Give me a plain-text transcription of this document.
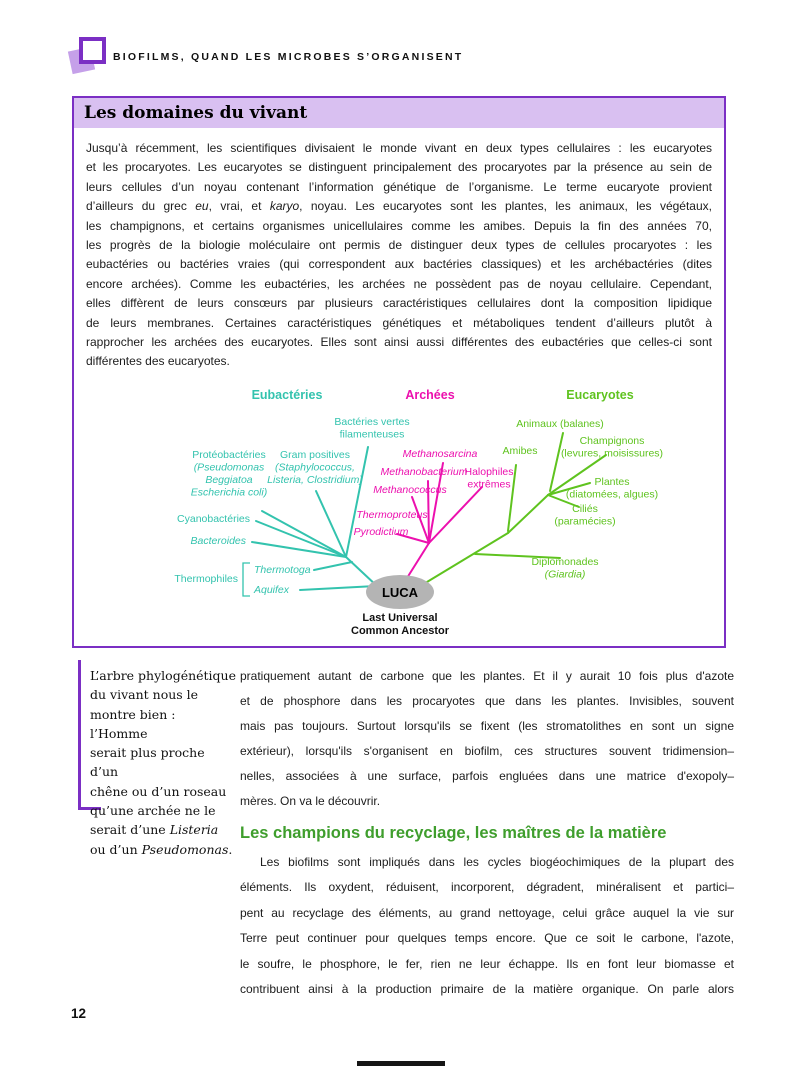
BIOFILMS, QUAND LES MICROBES S’ORGANISENT
Les domaines du vivant
Jusqu’à récemment, les scientifiques divisaient le monde vivant en deux types cellulaires : les eucaryotes
et les procaryotes. Les eucaryotes se distinguent principalement des procaryotes par la présence au sein de
leurs cellules d’un noyau contenant l’information génétique de l’organisme. Le terme eucaryote provient
d’ailleurs du grec eu, vrai, et karyo, noyau. Les eucaryotes sont les plantes, les animaux, les végétaux,
les champignons, et certains organismes unicellulaires comme les amibes. Depuis la fin des années 70,
les progrès de la biologie moléculaire ont permis de distinguer deux types de cellules procaryotes : les
eubactéries ou bactéries vraies (qui correspondent aux bactéries classiques) et les archébactéries (dites
encore archées). Comme les eubactéries, les archées ne possèdent pas de noyau cellulaire. Cependant,
elles diffèrent de leurs consœurs par plusieurs caractéristiques cellulaires dont la composition lipidique
de leurs membranes. Certaines caractéristiques génétiques et métaboliques tendent d’ailleurs plutôt à
rapprocher les archées des eucaryotes. Elles sont ainsi aussi différentes des eubactéries que celles-ci sont
différentes des eucaryotes.
Eubactéries	Archées	Eucaryotes
Bactéries vertes filamenteuses
Protéobactéries (Pseudomonas Beggiatoa Escherichia coli)
Gram positives (Staphylococcus, Listeria, Clostridium)
Cyanobactéries
Bacteroides
Thermophiles
Thermotoga
Aquifex
Methanosarcina
Methanobacterium
Methanococcus
Halophiles extrêmes
Thermoproteus
Pyrodictium
Animaux (balanes)
Amibes
Champignons (levures, moisissures)
Plantes (diatomées, algues)
Ciliés (paramécies)
Diplomonades (Giardia)
LUCA
Last Universal Common Ancestor
L’arbre phylogénétique
du vivant nous le
montre bien : l’Homme
serait plus proche d’un
chêne ou d’un roseau
qu’une archée ne le
serait d’une Listeria
ou d’un Pseudomonas.
pratiquement autant de carbone que les plantes. Et il y aurait 10 fois plus d'azote
et de phosphore dans les procaryotes que dans les plantes. Invisibles, souvent
mais pas toujours. Surtout lorsqu'ils se fixent (les stromatolithes en sont un signe
extérieur), lorsqu'ils s'organisent en biofilm, ces structures souvent tridimension–
nelles, associées à une surface, parfois engluées dans une matrice d'exopoly–
mères. On va le découvrir.
Les champions du recyclage, les maîtres de la matière
Les biofilms sont impliqués dans les cycles biogéochimiques de la plupart des
éléments. Ils oxydent, réduisent, incorporent, dégradent, minéralisent et partici–
pent au recyclage des éléments, au grand nettoyage, celui grâce auquel la vie sur
Terre peut continuer pour quelques temps encore. Que ce soit le carbone, l'azote,
le soufre, le phosphore, le fer, rien ne leur échappe. Ils en font leur biomasse et
contribuent ainsi à la production primaire de la matière organique. On parle alors
12
